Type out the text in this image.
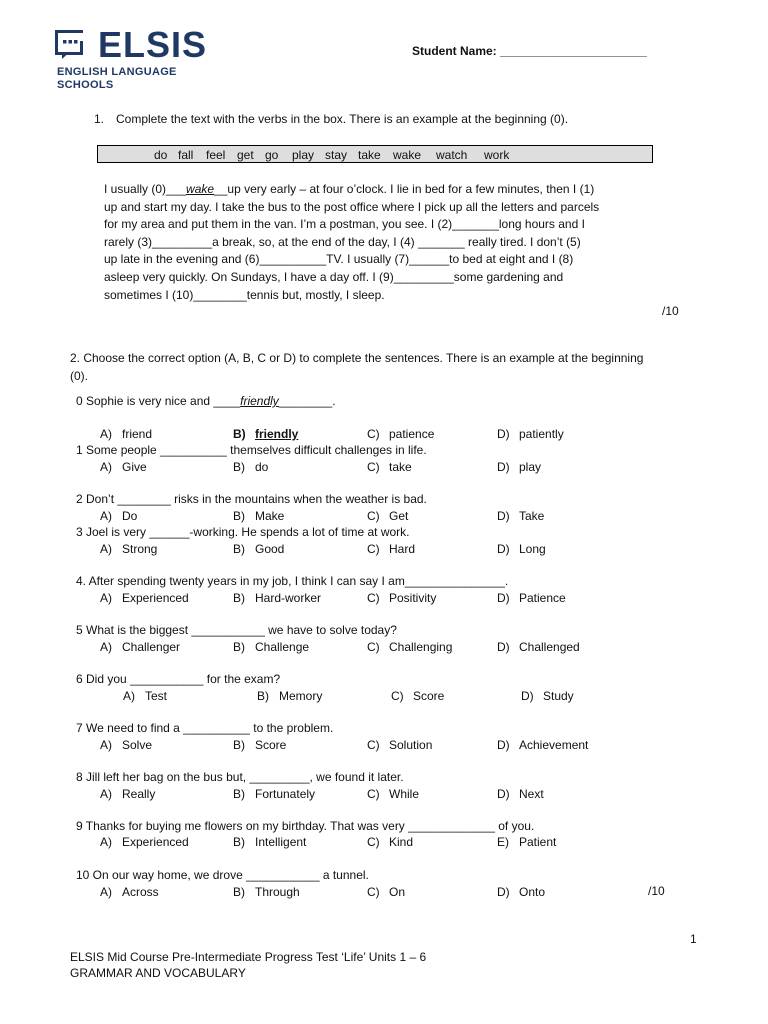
ELSIS
ENGLISH LANGUAGE
SCHOOLS
Student Name: ______________________
1. Complete the text with the verbs in the box. There is an example at the beginning (0).
do fall feel get go play stay take wake watch work
I usually (0)___wake__up very early – at four o’clock. I lie in bed for a few minutes, then I (1)
up and start my day. I take the bus to the post office where I pick up all the letters and parcels
for my area and put them in the van. I’m a postman, you see. I (2)_______long hours and I
rarely (3)_________a break, so, at the end of the day, I (4) _______ really tired. I don’t (5)
up late in the evening and (6)__________TV. I usually (7)______to bed at eight and I (8)
asleep very quickly. On Sundays, I have a day off. I (9)_________some gardening and
sometimes I (10)________tennis but, mostly, I sleep.
/10
2. Choose the correct option (A, B, C or D) to complete the sentences. There is an example at the beginning
(0).
0 Sophie is very nice and ____friendly________.
A) friend	B) friendly	C) patience	D) patiently
1 Some people __________ themselves difficult challenges in life.
A) Give	B) do	C) take	D) play
2 Don’t ________ risks in the mountains when the weather is bad.
A) Do	B) Make	C) Get	D) Take
3 Joel is very ______-working. He spends a lot of time at work.
A) Strong	B) Good	C) Hard	D) Long
4. After spending twenty years in my job, I think I can say I am_______________.
A) Experienced	B) Hard-worker	C) Positivity	D) Patience
5 What is the biggest ___________ we have to solve today?
A) Challenger	B) Challenge	C) Challenging	D) Challenged
6 Did you ___________ for the exam?
A) Test	B) Memory	C) Score	D) Study
7 We need to find a __________ to the problem.
A) Solve	B) Score	C) Solution	D) Achievement
8 Jill left her bag on the bus but, _________, we found it later.
A) Really	B) Fortunately	C) While	D) Next
9 Thanks for buying me flowers on my birthday. That was very _____________ of you.
A) Experienced	B) Intelligent	C) Kind	E) Patient
10 On our way home, we drove ___________ a tunnel.
A) Across	B) Through	C) On	D) Onto	/10
1
ELSIS Mid Course Pre-Intermediate Progress Test ‘Life’ Units 1 – 6
GRAMMAR AND VOCABULARY
